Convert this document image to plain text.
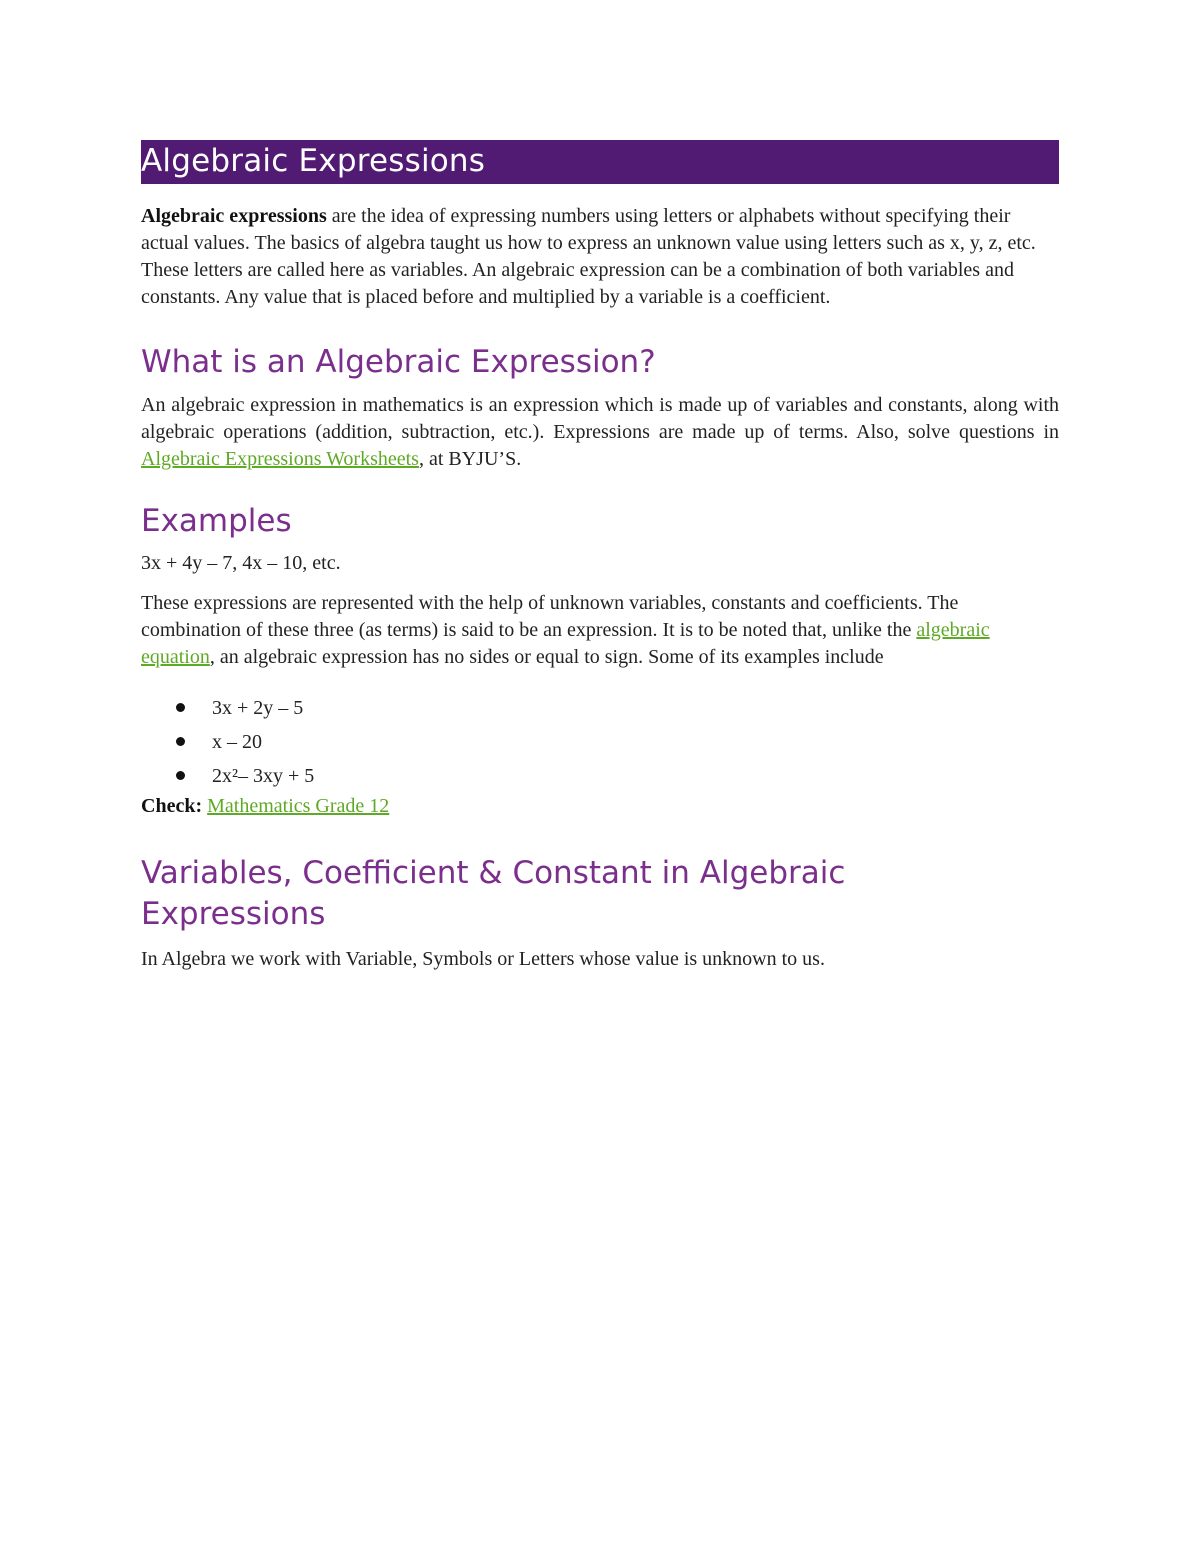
Algebraic Expressions

Algebraic expressions are the idea of expressing numbers using letters or alphabets without specifying their actual values. The basics of algebra taught us how to express an unknown value using letters such as x, y, z, etc. These letters are called here as variables. An algebraic expression can be a combination of both variables and constants. Any value that is placed before and multiplied by a variable is a coefficient.

What is an Algebraic Expression?

An algebraic expression in mathematics is an expression which is made up of variables and constants, along with algebraic operations (addition, subtraction, etc.). Expressions are made up of terms. Also, solve questions in Algebraic Expressions Worksheets, at BYJU’S.

Examples

3x + 4y – 7, 4x – 10, etc.

These expressions are represented with the help of unknown variables, constants and coefficients. The combination of these three (as terms) is said to be an expression. It is to be noted that, unlike the algebraic equation, an algebraic expression has no sides or equal to sign. Some of its examples include

3x + 2y – 5
x – 20
2x²– 3xy + 5

Check: Mathematics Grade 12

Variables, Coefficient & Constant in Algebraic Expressions

In Algebra we work with Variable, Symbols or Letters whose value is unknown to us.
